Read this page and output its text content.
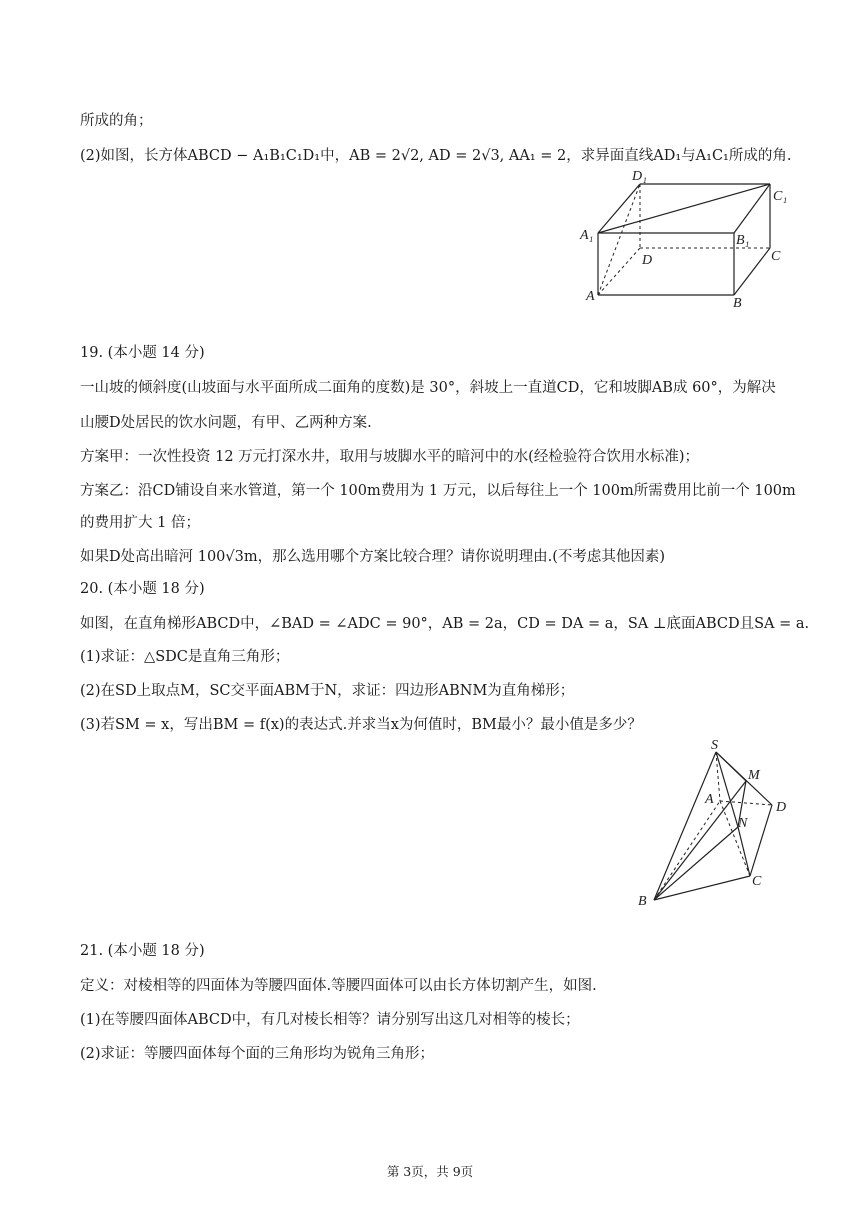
所成的角；
(2)如图，长方体ABCD − A₁B₁C₁D₁中，AB = 2√2, AD = 2√3, AA₁ = 2，求异面直线AD₁与A₁C₁所成的角.
D₁
C₁
A₁	B₁
D	C
A	B
19. (本小题 14 分)
一山坡的倾斜度(山坡面与水平面所成二面角的度数)是 30°，斜坡上一直道CD，它和坡脚AB成 60°，为解决
山腰D处居民的饮水问题，有甲、乙两种方案.
方案甲：一次性投资 12 万元打深水井，取用与坡脚水平的暗河中的水(经检验符合饮用水标准)；
方案乙：沿CD铺设自来水管道，第一个 100m费用为 1 万元，以后每往上一个 100m所需费用比前一个 100m
的费用扩大 1 倍；
如果D处高出暗河 100√3m，那么选用哪个方案比较合理？请你说明理由.(不考虑其他因素)
20. (本小题 18 分)
如图，在直角梯形ABCD中，∠BAD = ∠ADC = 90°，AB = 2a，CD = DA = a，SA ⊥底面ABCD且SA = a.
(1)求证：△SDC是直角三角形；
(2)在SD上取点M，SC交平面ABM于N，求证：四边形ABNM为直角梯形；
(3)若SM = x，写出BM = f(x)的表达式.并求当x为何值时，BM最小？最小值是多少？
S
M
A
D
N
C
B
21. (本小题 18 分)
定义：对棱相等的四面体为等腰四面体.等腰四面体可以由长方体切割产生，如图.
(1)在等腰四面体ABCD中，有几对棱长相等？请分别写出这几对相等的棱长；
(2)求证：等腰四面体每个面的三角形均为锐角三角形；
第 3页，共 9页
